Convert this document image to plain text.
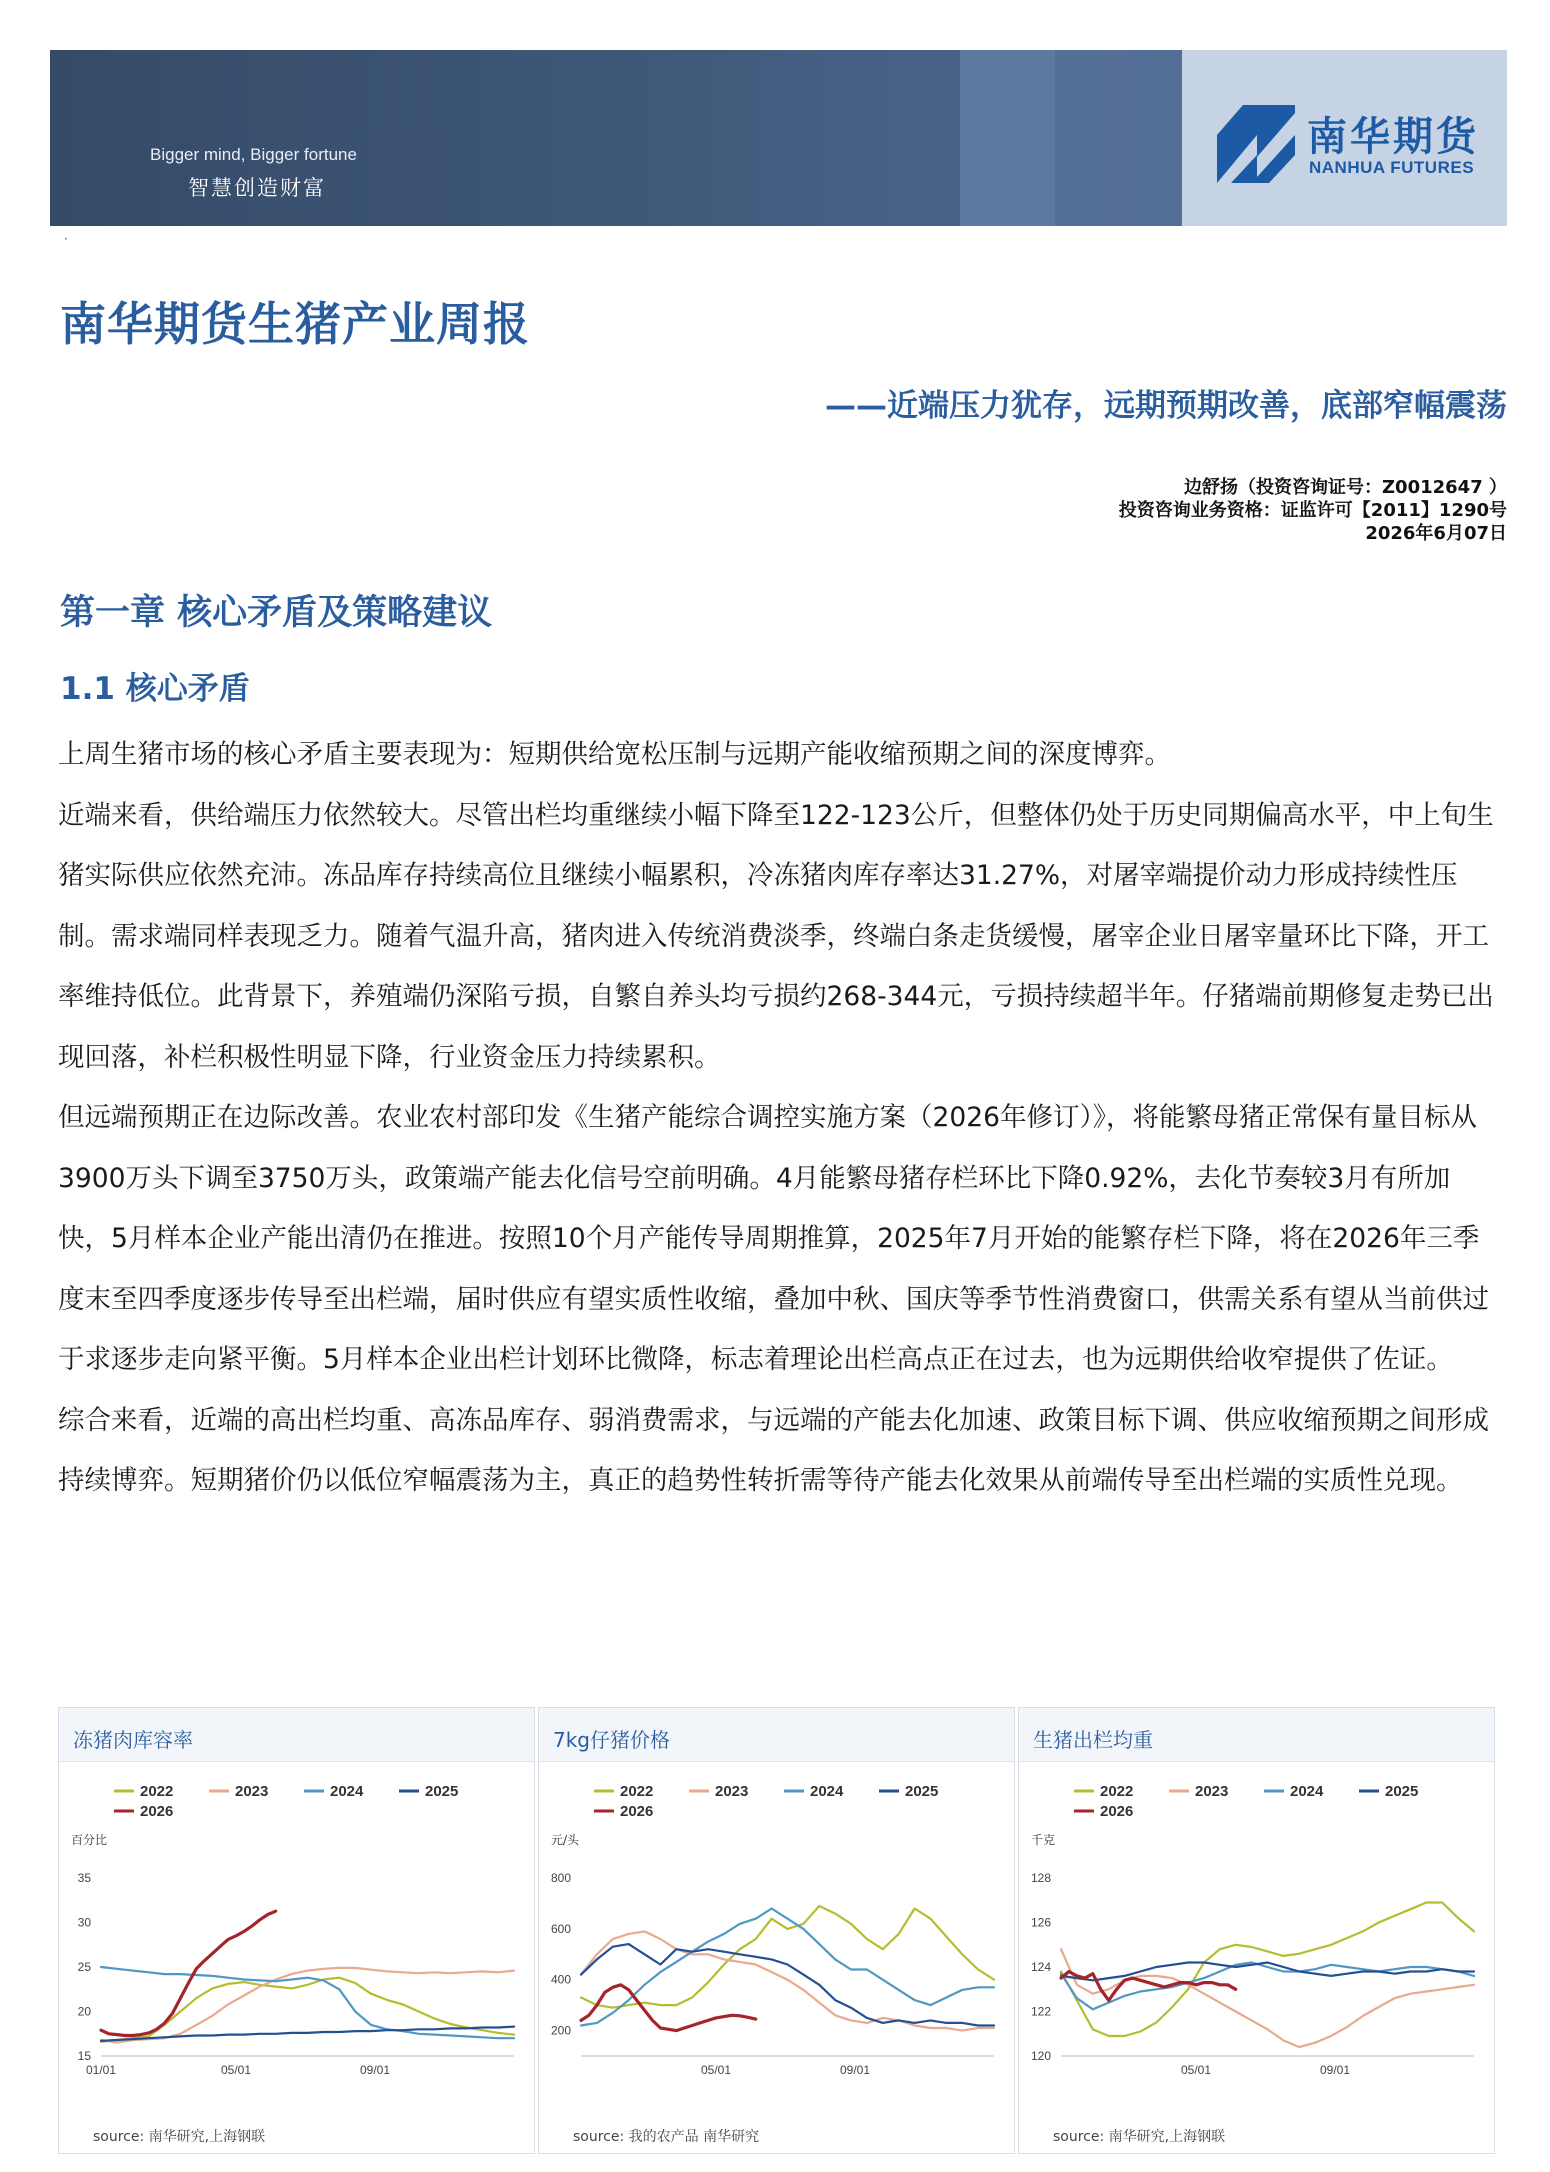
Bigger mind, Bigger fortune
智慧创造财富
南华期货
NANHUA FUTURES
·
南华期货生猪产业周报
——近端压力犹存，远期预期改善，底部窄幅震荡
边舒扬（投资咨询证号：Z0012647 ）
投资咨询业务资格：证监许可【2011】1290号
2026年6月07日
第一章 核心矛盾及策略建议
1.1 核心矛盾

上周生猪市场的核心矛盾主要表现为：短期供给宽松压制与远期产能收缩预期之间的深度博弈。

近端来看，供给端压力依然较大。尽管出栏均重继续小幅下降至122-123公斤，但整体仍处于历史同期偏高水平，中上旬生猪实际供应依然充沛。冻品库存持续高位且继续小幅累积，冷冻猪肉库存率达31.27%，对屠宰端提价动力形成持续性压制。需求端同样表现乏力。随着气温升高，猪肉进入传统消费淡季，终端白条走货缓慢，屠宰企业日屠宰量环比下降，开工率维持低位。此背景下，养殖端仍深陷亏损，自繁自养头均亏损约268-344元，亏损持续超半年。仔猪端前期修复走势已出现回落，补栏积极性明显下降，行业资金压力持续累积。

但远端预期正在边际改善。农业农村部印发《生猪产能综合调控实施方案（2026年修订）》，将能繁母猪正常保有量目标从3900万头下调至3750万头，政策端产能去化信号空前明确。4月能繁母猪存栏环比下降0.92%，去化节奏较3月有所加快，5月样本企业产能出清仍在推进。按照10个月产能传导周期推算，2025年7月开始的能繁存栏下降，将在2026年三季度末至四季度逐步传导至出栏端，届时供应有望实质性收缩，叠加中秋、国庆等季节性消费窗口，供需关系有望从当前供过于求逐步走向紧平衡。5月样本企业出栏计划环比微降，标志着理论出栏高点正在过去，也为远期供给收窄提供了佐证。

综合来看，近端的高出栏均重、高冻品库存、弱消费需求，与远端的产能去化加速、政策目标下调、供应收缩预期之间形成持续博弈。短期猪价仍以低位窄幅震荡为主，真正的趋势性转折需等待产能去化效果从前端传导至出栏端的实质性兑现。

冻猪肉库容率
2022	2023	2024	2025
2026
百分比
15
20
25
30
35
01/01	05/01	09/01
source: 南华研究,上海钢联
7kg仔猪价格
2022	2023	2024	2025
2026
元/头
200
400
600
800
05/01	09/01
source: 我的农产品 南华研究
生猪出栏均重
2022	2023	2024	2025
2026
千克
120
122
124
126
128
05/01	09/01
source: 南华研究,上海钢联
